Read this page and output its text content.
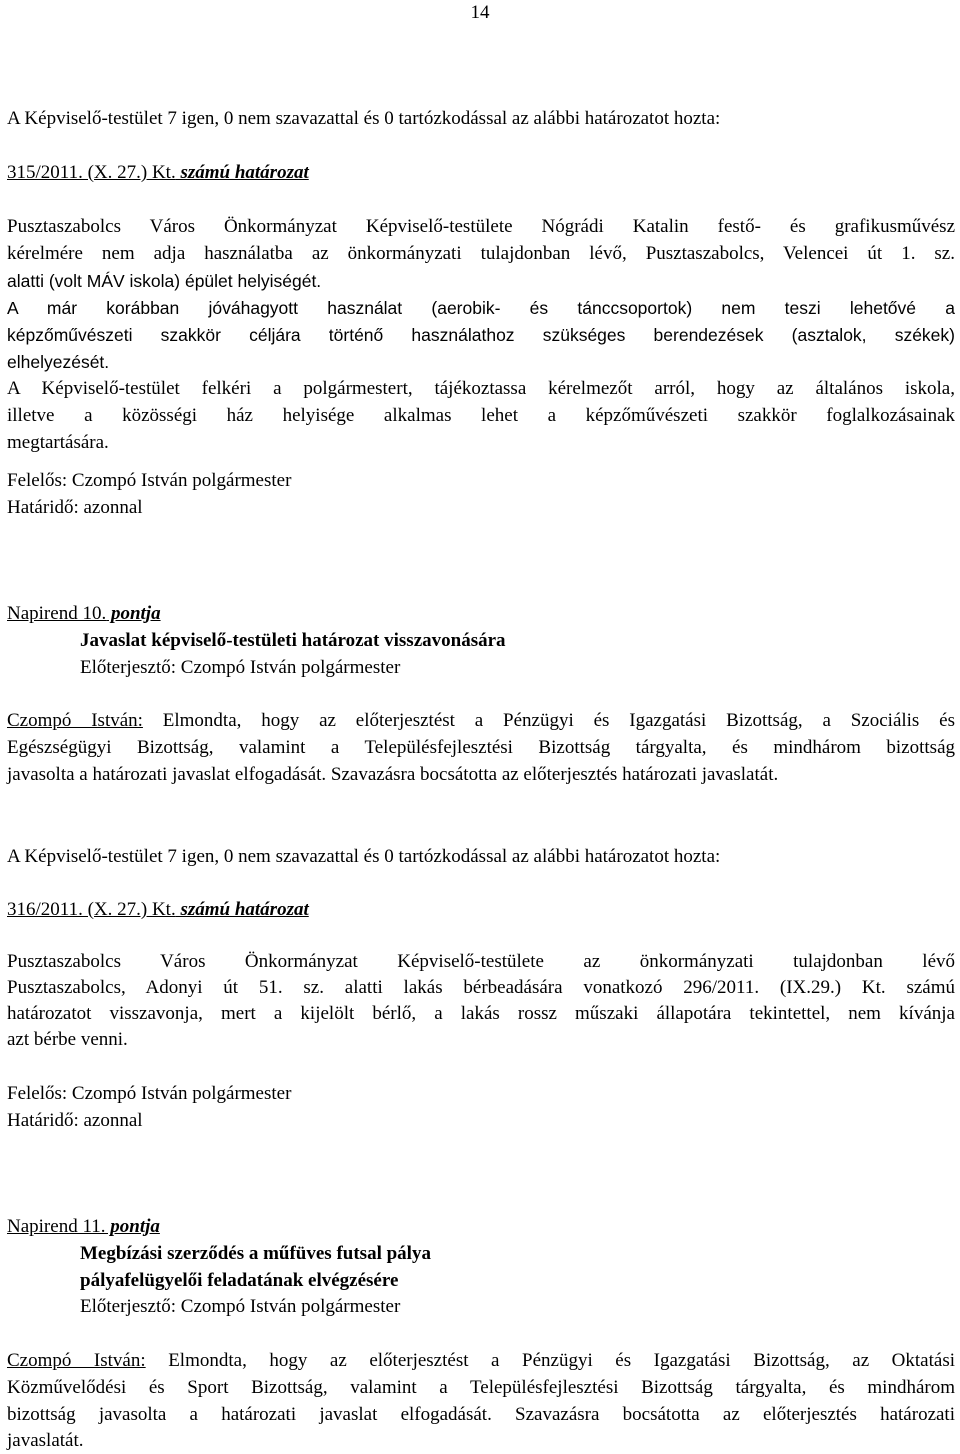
14
A Képviselő-testület 7 igen, 0 nem szavazattal és 0 tartózkodással az alábbi határozatot hozta:
315/2011. (X. 27.) Kt. számú határozat
Pusztaszabolcs Város Önkormányzat Képviselő-testülete Nógrádi Katalin festő- és grafikusművész
kérelmére nem adja használatba az önkormányzati tulajdonban lévő, Pusztaszabolcs, Velencei út 1. sz.
alatti (volt MÁV iskola) épület helyiségét.
A már korábban jóváhagyott használat (aerobik- és tánccsoportok) nem teszi lehetővé a
képzőművészeti szakkör céljára történő használathoz szükséges berendezések (asztalok, székek)
elhelyezését.
A Képviselő-testület felkéri a polgármestert, tájékoztassa kérelmezőt arról, hogy az általános iskola,
illetve a közösségi ház helyisége alkalmas lehet a képzőművészeti szakkör foglalkozásainak
megtartására.
Felelős: Czompó István polgármester
Határidő: azonnal
Napirend 10. pontja
Javaslat képviselő-testületi határozat visszavonására
Előterjesztő: Czompó István polgármester
Czompó István: Elmondta, hogy az előterjesztést a Pénzügyi és Igazgatási Bizottság, a Szociális és
Egészségügyi Bizottság, valamint a Településfejlesztési Bizottság tárgyalta, és mindhárom bizottság
javasolta a határozati javaslat elfogadását. Szavazásra bocsátotta az előterjesztés határozati javaslatát.
A Képviselő-testület 7 igen, 0 nem szavazattal és 0 tartózkodással az alábbi határozatot hozta:
316/2011. (X. 27.) Kt. számú határozat
Pusztaszabolcs Város Önkormányzat Képviselő-testülete az önkormányzati tulajdonban lévő
Pusztaszabolcs, Adonyi út 51. sz. alatti lakás bérbeadására vonatkozó 296/2011. (IX.29.) Kt. számú
határozatot visszavonja, mert a kijelölt bérlő, a lakás rossz műszaki állapotára tekintettel, nem kívánja
azt bérbe venni.
Felelős: Czompó István polgármester
Határidő: azonnal
Napirend 11. pontja
Megbízási szerződés a műfüves futsal pálya
pályafelügyelői feladatának elvégzésére
Előterjesztő: Czompó István polgármester
Czompó István: Elmondta, hogy az előterjesztést a Pénzügyi és Igazgatási Bizottság, az Oktatási
Közművelődési és Sport Bizottság, valamint a Településfejlesztési Bizottság tárgyalta, és mindhárom
bizottság javasolta a határozati javaslat elfogadását. Szavazásra bocsátotta az előterjesztés határozati
javaslatát.
